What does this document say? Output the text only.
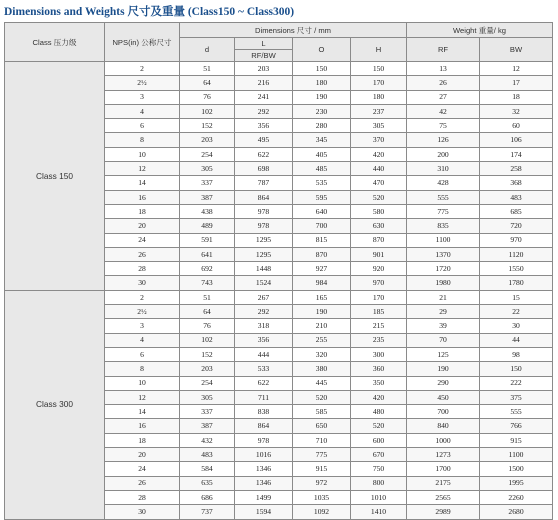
Dimensions and Weights 尺寸及重量 (Class150 ~ Class300)
Class 压力级	NPS(in) 公称尺寸	Dimensions 尺寸 / mm				Weight 重量/ kg	
		d	L	O	H	RF	BW
			RF/BW				
Class 150	2	51	203	150	150	13	12
	2½	64	216	180	170	26	17
	3	76	241	190	180	27	18
	4	102	292	230	237	42	32
	6	152	356	280	305	75	60
	8	203	495	345	370	126	106
	10	254	622	405	420	200	174
	12	305	698	485	440	310	258
	14	337	787	535	470	428	368
	16	387	864	595	520	555	483
	18	438	978	640	580	775	685
	20	489	978	700	630	835	720
	24	591	1295	815	870	1100	970
	26	641	1295	870	901	1370	1120
	28	692	1448	927	920	1720	1550
	30	743	1524	984	970	1980	1780
Class 300	2	51	267	165	170	21	15
	2½	64	292	190	185	29	22
	3	76	318	210	215	39	30
	4	102	356	255	235	70	44
	6	152	444	320	300	125	98
	8	203	533	380	360	190	150
	10	254	622	445	350	290	222
	12	305	711	520	420	450	375
	14	337	838	585	480	700	555
	16	387	864	650	520	840	766
	18	432	978	710	600	1000	915
	20	483	1016	775	670	1273	1100
	24	584	1346	915	750	1700	1500
	26	635	1346	972	800	2175	1995
	28	686	1499	1035	1010	2565	2260
	30	737	1594	1092	1410	2989	2680
